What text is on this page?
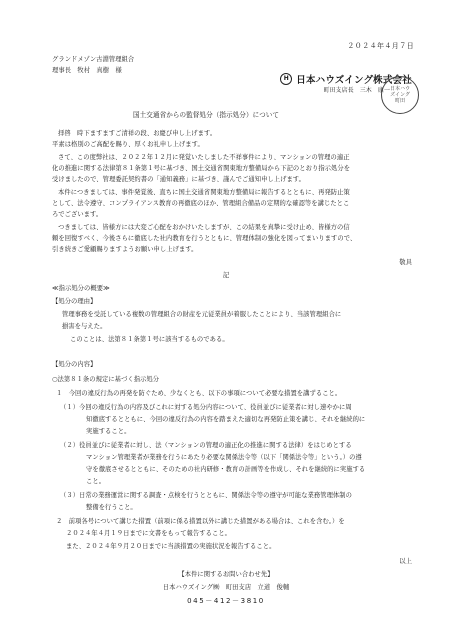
２０２４年４月７日
グランドメゾン古淵管理組合
理事長　牧村　真樹　様
H 日本ハウズイング株式会社
町田支店長　三木　康一 日本ハウ
ズイング
町田
国土交通省からの監督処分（指示処分）について
拝啓　時下ますますご清祥の段、お慶び申し上げます。
平素は格別のご高配を賜り、厚くお礼申し上げます。
さて、この度弊社は、２０２２年１２月に発覚いたしました不祥事件により、マンションの管理の適正
化の推進に関する法律第８１条第１号に基づき、国土交通省関東地方整備局から下記のとおり指示処分を
受けましたので、管理委託契約書の「通知義務」に基づき、謹んでご通知申し上げます。
本件につきましては、事件発覚後、直ちに国土交通省関東地方整備局に報告するとともに、再発防止策
として、法令遵守、コンプライアンス教育の再徹底のほか、管理組合備品の定期的な確認等を講じたとこ
ろでございます。
つきましては、皆様方には大変ご心配をおかけいたしますが、この結果を真摯に受け止め、皆様方の信
頼を回復すべく、今後さらに徹底した社内教育を行うとともに、管理体制の強化を図ってまいりますので、
引き続きご愛顧賜りますようお願い申し上げます。
敬具
記
≪指示処分の概要≫
【処分の理由】
管理事務を受託している複数の管理組合の財産を元従業員が着服したことにより、当該管理組合に
損害を与えた。
このことは、法第８１条第１号に該当するものである。
【処分の内容】
○法第８１条の規定に基づく指示処分
１　今回の違反行為の再発を防ぐため、少なくとも、以下の事項について必要な措置を講ずること。
（１）今回の違反行為の内容及びこれに対する処分内容について、役員並びに従業者に対し速やかに周
知徹底するとともに、今回の違反行為の内容を踏まえた適切な再発防止策を講じ、それを継続的に
実施すること。
（２）役員並びに従業者に対し、法（マンションの管理の適正化の推進に関する法律）をはじめとする
マンション管理業者が業務を行うにあたり必要な関係法令等（以下「関係法令等」という。）の遵
守を徹底させるとともに、そのための社内研修・教育の計画等を作成し、それを継続的に実施する
こと。
（３）日常の業務運営に関する調査・点検を行うとともに、関係法令等の遵守が可能な業務管理体制の
整備を行うこと。
２　前項各号について講じた措置（前項に係る措置以外に講じた措置がある場合は、これを含む。）を
２０２４年４月１９日までに文書をもって報告すること。
また、２０２４年９月２０日までに当該措置の実施状況を報告すること。
以上
【本件に関するお問い合わせ先】
日本ハウズイング㈱　町田支店　立道　俊輔
045－412－3810
